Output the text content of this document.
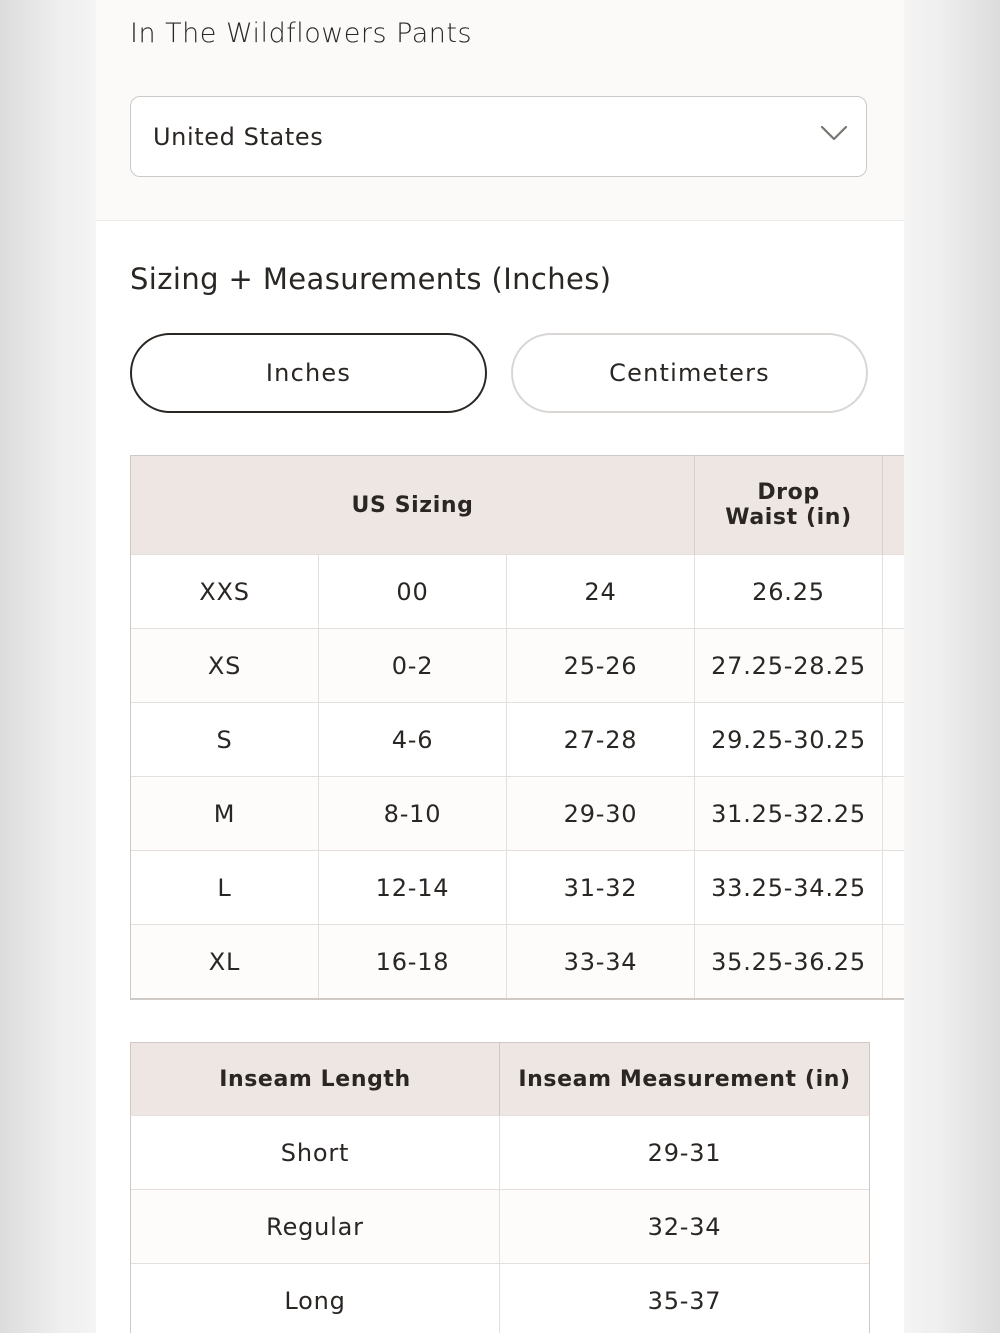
In The Wildflowers Pants
United States
Sizing + Measurements (Inches)
Inches	Centimeters
	US Sizing		Drop
Waist (in)	
XXS	00	24	26.25	
XS	0-2	25-26	27.25-28.25	
S	4-6	27-28	29.25-30.25	
M	8-10	29-30	31.25-32.25	
L	12-14	31-32	33.25-34.25	
XL	16-18	33-34	35.25-36.25	
Inseam Length	Inseam Measurement (in)
Short	29-31
Regular	32-34
Long	35-37
